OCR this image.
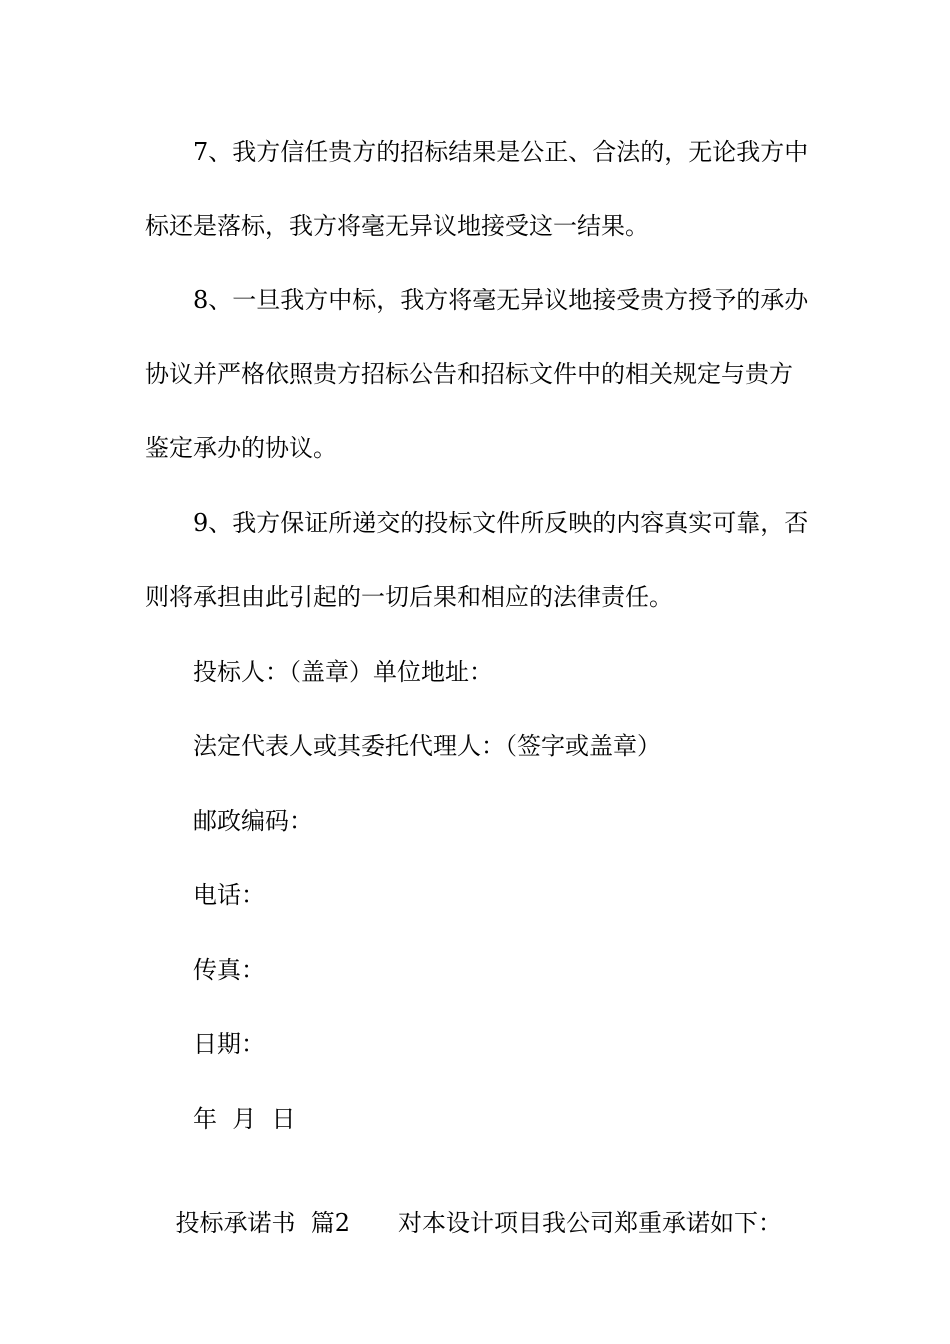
7、我方信任贵方的招标结果是公正、合法的，无论我方中
标还是落标，我方将毫无异议地接受这一结果。
8、一旦我方中标，我方将毫无异议地接受贵方授予的承办
协议并严格依照贵方招标公告和招标文件中的相关规定与贵方
鉴定承办的协议。
9、我方保证所递交的投标文件所反映的内容真实可靠，否
则将承担由此引起的一切后果和相应的法律责任。
投标人：（盖章）单位地址：
法定代表人或其委托代理人：（签字或盖章）
邮政编码：
电话：
传真：
日期：
年  月  日

投标承诺书  篇2 对本设计项目我公司郑重承诺如下：
